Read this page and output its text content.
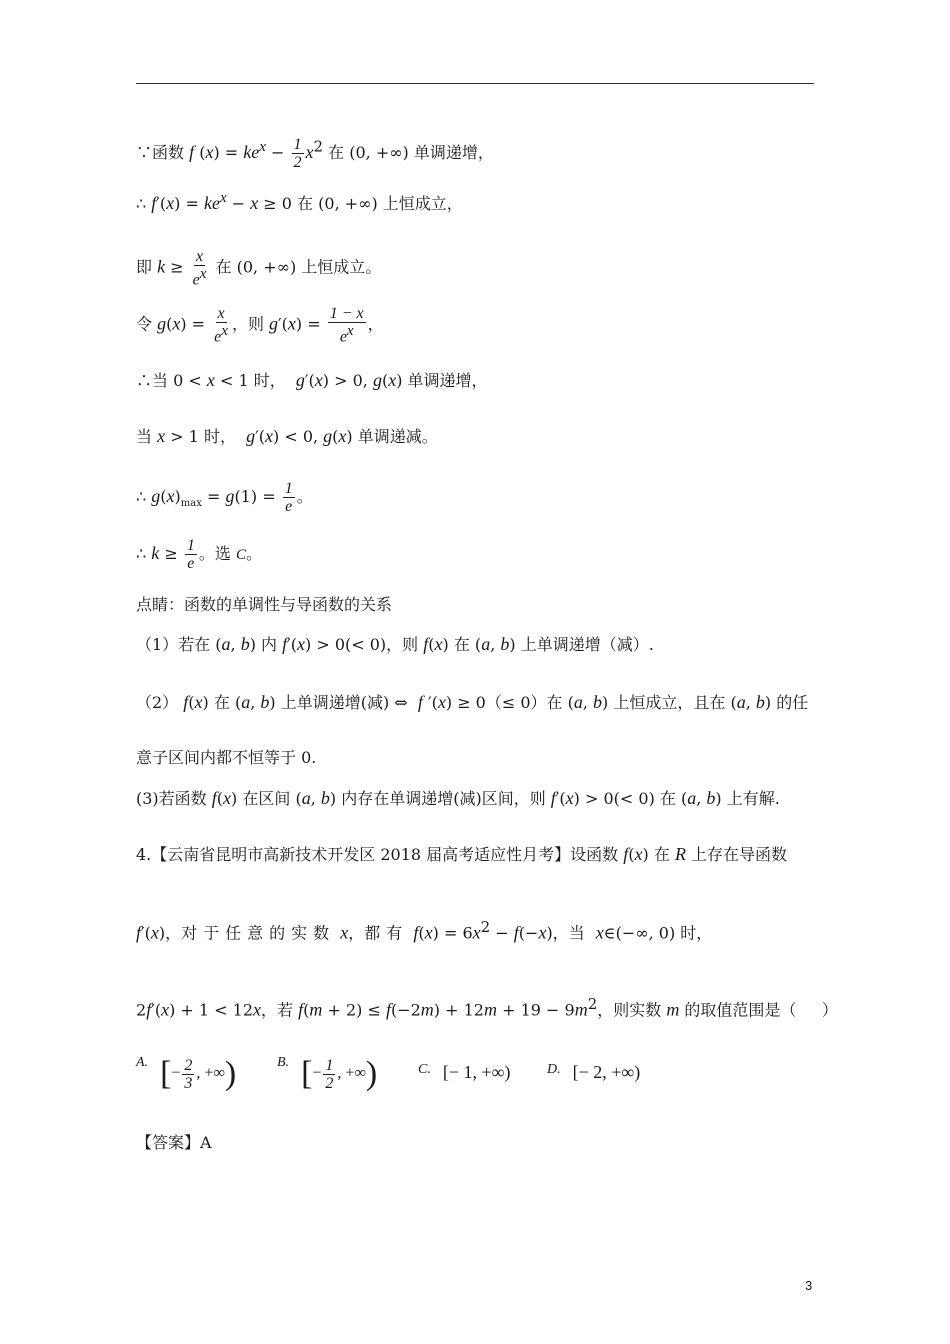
∵函数 f $(x) = ke^x - \frac{1}{2} x^2$ 在 (0, +∞) 单调递增，
∴ $f'(x) = ke^x - x \ge 0$ 在 (0, +∞) 上恒成立，
即 $k \ge \frac{x}{e^x}$ 在 (0, +∞) 上恒成立。
令 $g(x) = \frac{x}{e^x}$ ，则 $g'(x) = \frac{1 - x}{e^x}$ ，
∴当 0 < x < 1 时，  g′(x) > 0, g(x) 单调递增，
当 x > 1 时，  g′(x) < 0, g(x) 单调递减。
∴ $g(x)_{max} = g(1) = \frac{1}{e}$ 。
∴ $k \ge \frac{1}{e}$ 。选 C。
点睛：函数的单调性与导函数的关系
（1）若在 (a, b) 内 f′(x) > 0(< 0)，则 f(x) 在 (a, b) 上单调递增（减）.
（2） f(x) 在 (a, b) 上单调递增(减) ⇔  f ′(x) ≥ 0（≤ 0）在 (a, b) 上恒成立，且在 (a, b) 的任
意子区间内都不恒等于 0.
(3)若函数 f(x) 在区间 (a, b) 内存在单调递增(减)区间，则 f′(x) > 0(< 0) 在 (a, b) 上有解.
4.【云南省昆明市高新技术开发区 2018 届高考适应性月考】设函数 f(x) 在 R 上存在导函数
f′(x)，对于任意的实数 x，都有 $f(x) = 6x^2 - f(-x)$，当 x∈(−∞, 0) 时，
2f′(x) + 1 < 12x，若 $f(m + 2) \le f(-2m) + 12m + 19 - 9m^2$，则实数 m 的取值范围是（     ）
A. [− $\frac{2}{3}$ , +∞)	B. [− $\frac{1}{2}$ , +∞)	C. [− 1, +∞)	D. [− 2, +∞)
【答案】A
3
